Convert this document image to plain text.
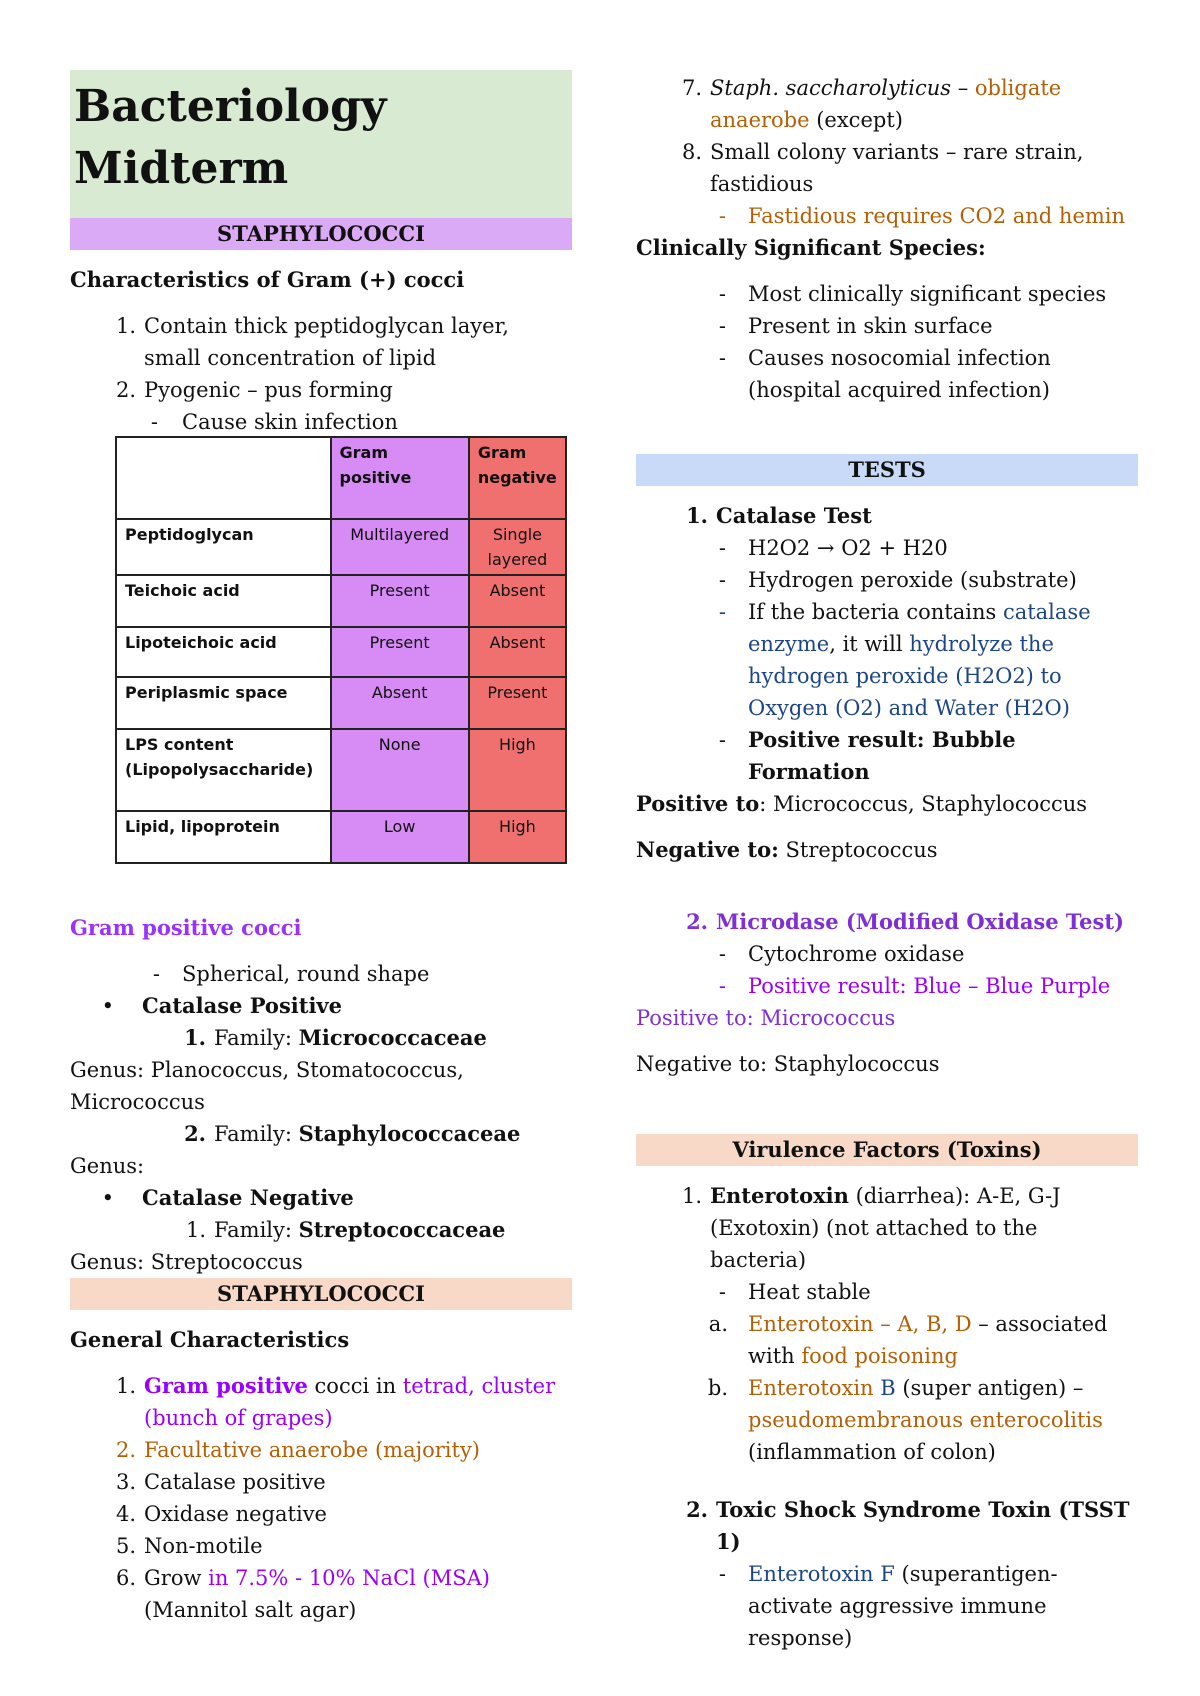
Bacteriology
Midterm
STAPHYLOCOCCI

Characteristics of Gram (+) cocci

1. Contain thick peptidoglycan layer, small concentration of lipid
2. Pyogenic – pus forming
-	Cause skin infection
	Gram positive	Gram negative
Peptidoglycan	Multilayered	Single layered
Teichoic acid	Present	Absent
Lipoteichoic acid	Present	Absent
Periplasmic space	Absent	Present
LPS content (Lipopolysaccharide)	None	High
Lipid, lipoprotein	Low	High

Gram positive cocci

-	Spherical, round shape
•	Catalase Positive
1. Family: Micrococcaceae
Genus: Planococcus, Stomatococcus, Micrococcus
2. Family: Staphylococcaceae
Genus:
•	Catalase Negative
1. Family: Streptococcaceae
Genus: Streptococcus
STAPHYLOCOCCI

General Characteristics

1. Gram positive cocci in tetrad, cluster (bunch of grapes)
2. Facultative anaerobe (majority)
3. Catalase positive
4. Oxidase negative
5. Non-motile
6. Grow in 7.5% - 10% NaCl (MSA)
(Mannitol salt agar)
7. Staph. saccharolyticus – obligate anaerobe (except)
8. Small colony variants – rare strain, fastidious
-	Fastidious requires CO2 and hemin

Clinically Significant Species:

-	Most clinically significant species
-	Present in skin surface
-	Causes nosocomial infection (hospital acquired infection)
TESTS
1. Catalase Test
-	H2O2 → O2 + H20
-	Hydrogen peroxide (substrate)
-	If the bacteria contains catalase enzyme, it will hydrolyze the hydrogen peroxide (H2O2) to Oxygen (O2) and Water (H2O)
-	Positive result: Bubble Formation
Positive to: Micrococcus, Staphylococcus
Negative to: Streptococcus
2. Microdase (Modified Oxidase Test)
-	Cytochrome oxidase
-	Positive result: Blue – Blue Purple
Positive to: Micrococcus
Negative to: Staphylococcus
Virulence Factors (Toxins)
1. Enterotoxin (diarrhea): A-E, G-J (Exotoxin) (not attached to the bacteria)
-	Heat stable
a. Enterotoxin – A, B, D – associated with food poisoning
b. Enterotoxin B (super antigen) – pseudomembranous enterocolitis (inflammation of colon)
2. Toxic Shock Syndrome Toxin (TSST 1)
-	Enterotoxin F (superantigen-activate aggressive immune response)
